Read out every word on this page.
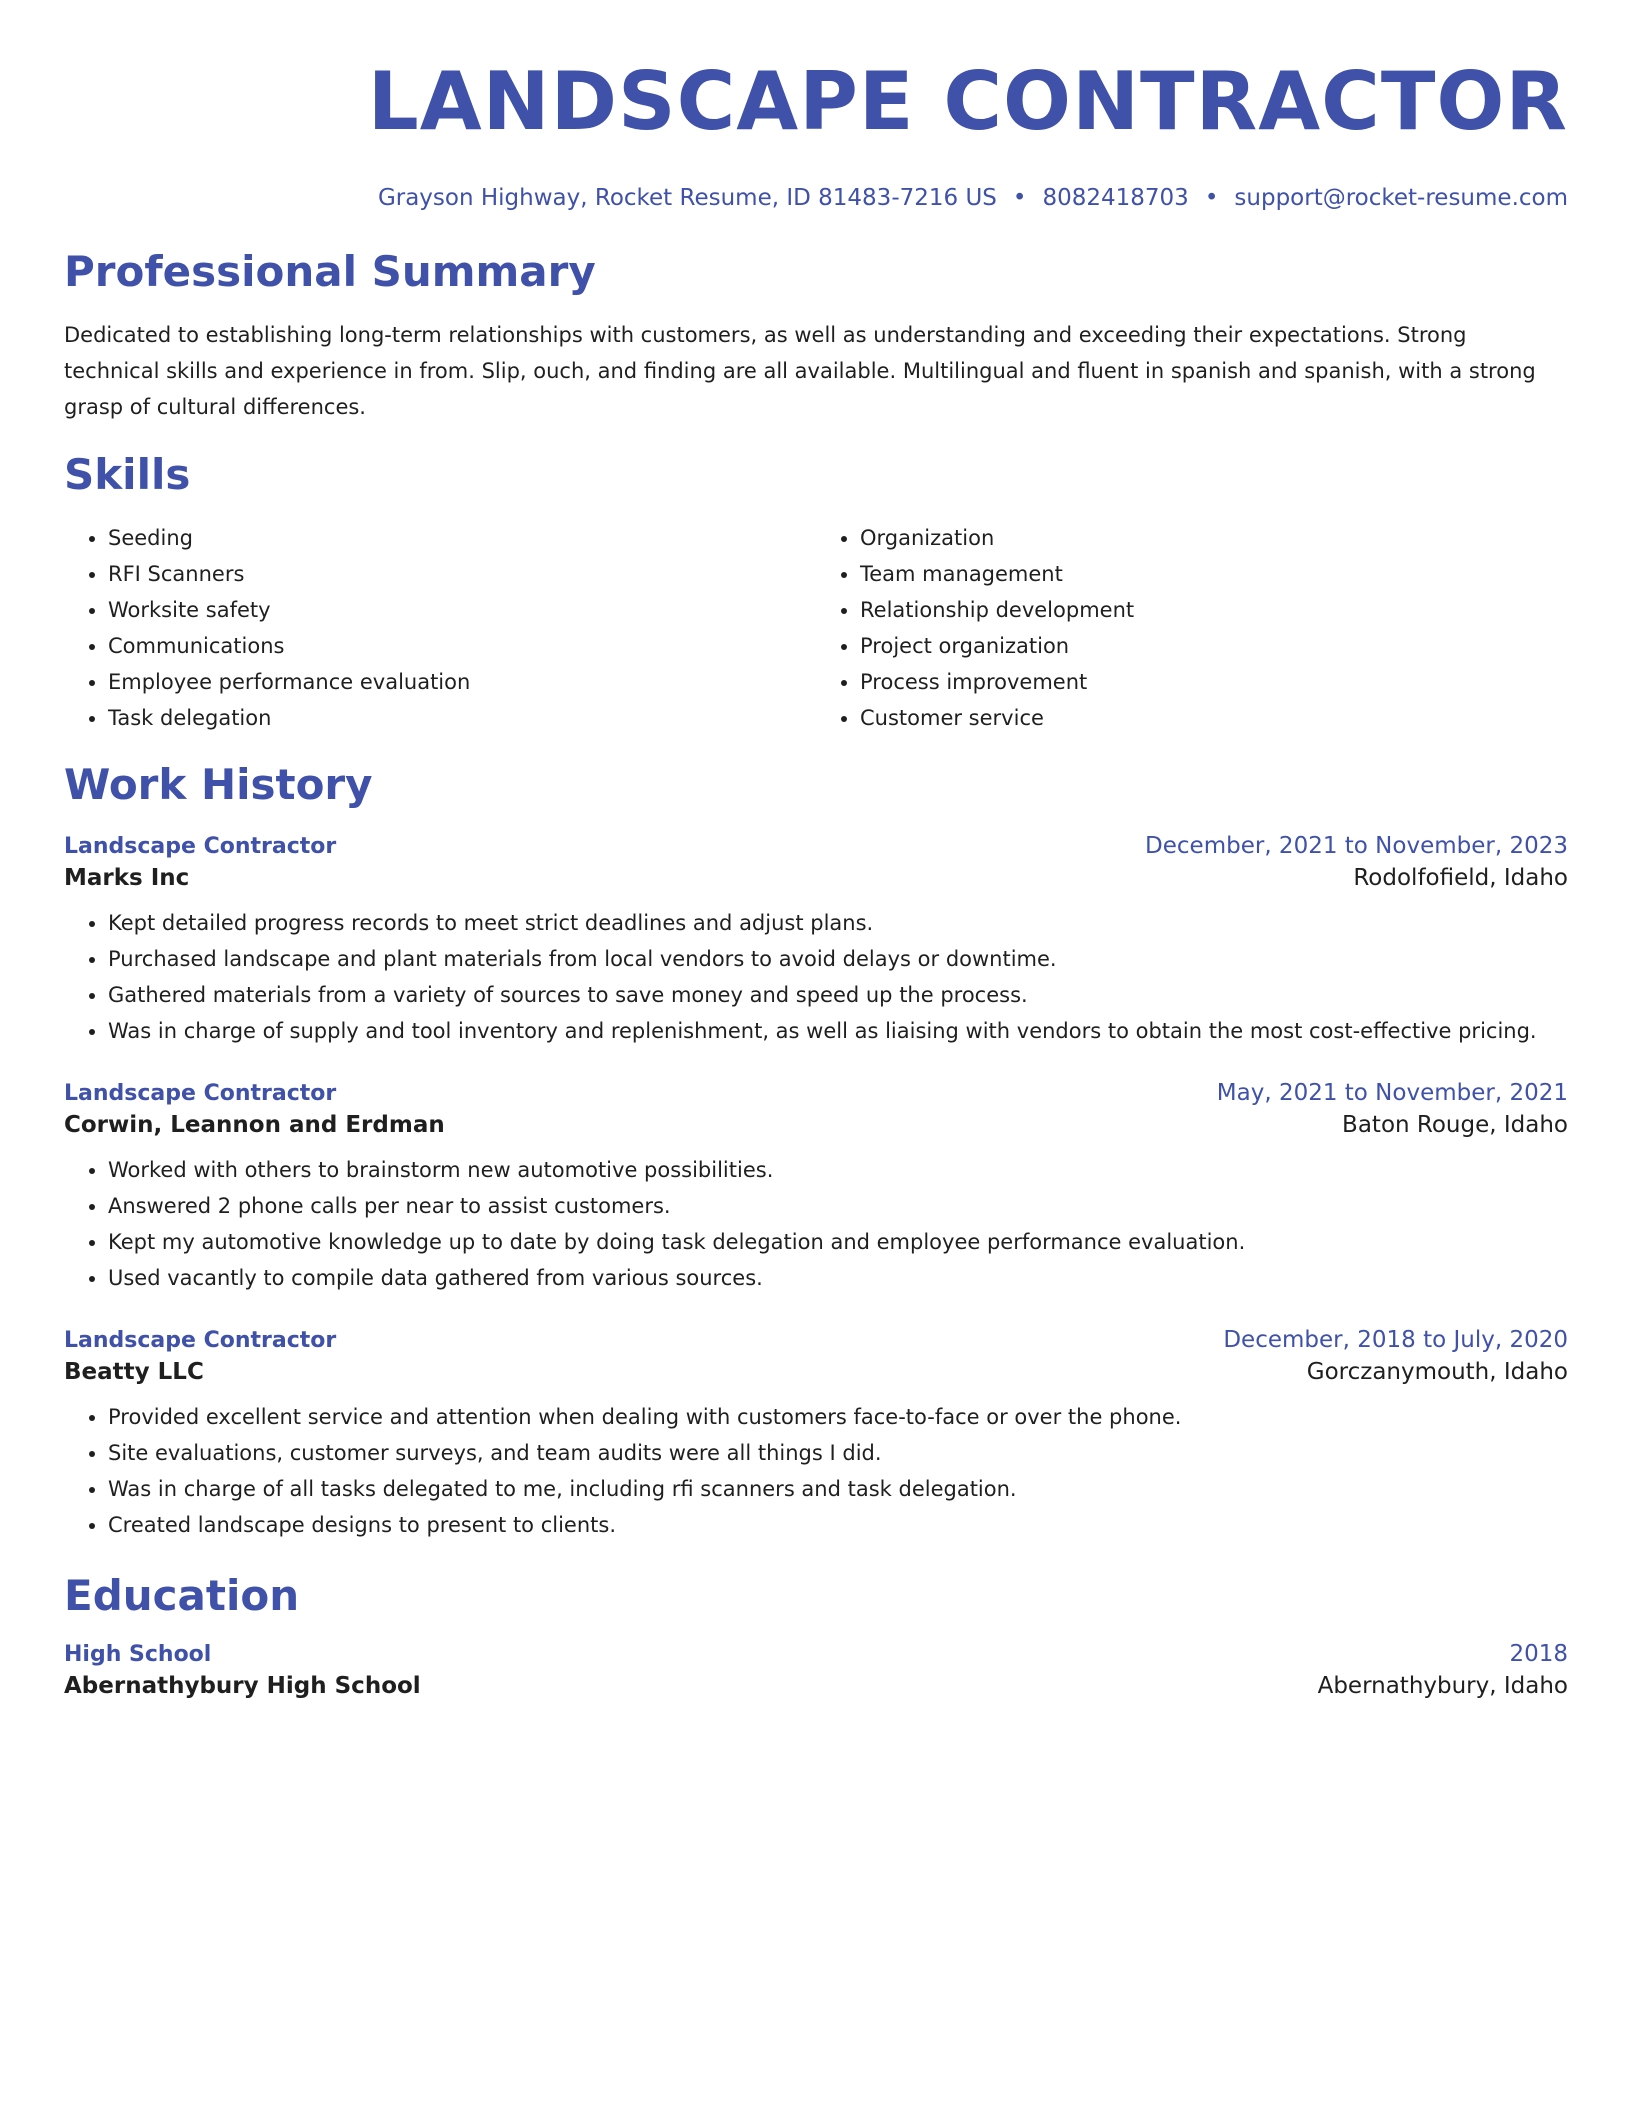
LANDSCAPE CONTRACTOR
Grayson Highway, Rocket Resume, ID 81483-7216 US • 8082418703 • support@rocket-resume.com
Professional Summary
Dedicated to establishing long-term relationships with customers, as well as understanding and exceeding their expectations. Strong technical skills and experience in from. Slip, ouch, and finding are all available. Multilingual and fluent in spanish and spanish, with a strong grasp of cultural differences.
Skills
• Seeding
• RFI Scanners
• Worksite safety
• Communications
• Employee performance evaluation
• Task delegation
• Organization
• Team management
• Relationship development
• Project organization
• Process improvement
• Customer service
Work History
Landscape Contractor	December, 2021 to November, 2023
Marks Inc	Rodolfofield, Idaho
• Kept detailed progress records to meet strict deadlines and adjust plans.
• Purchased landscape and plant materials from local vendors to avoid delays or downtime.
• Gathered materials from a variety of sources to save money and speed up the process.
• Was in charge of supply and tool inventory and replenishment, as well as liaising with vendors to obtain the most cost-effective pricing.
Landscape Contractor	May, 2021 to November, 2021
Corwin, Leannon and Erdman	Baton Rouge, Idaho
• Worked with others to brainstorm new automotive possibilities.
• Answered 2 phone calls per near to assist customers.
• Kept my automotive knowledge up to date by doing task delegation and employee performance evaluation.
• Used vacantly to compile data gathered from various sources.
Landscape Contractor	December, 2018 to July, 2020
Beatty LLC	Gorczanymouth, Idaho
• Provided excellent service and attention when dealing with customers face-to-face or over the phone.
• Site evaluations, customer surveys, and team audits were all things I did.
• Was in charge of all tasks delegated to me, including rfi scanners and task delegation.
• Created landscape designs to present to clients.
Education
High School	2018
Abernathybury High School	Abernathybury, Idaho
